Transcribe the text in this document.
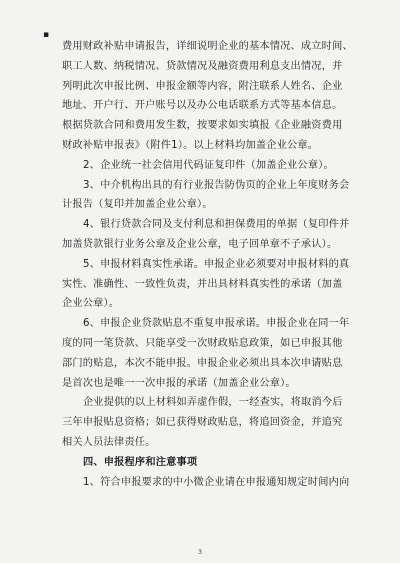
▪
费用财政补贴申请报告，详细说明企业的基本情况、成立时间、
职工人数、纳税情况、贷款情况及融资费用利息支出情况，并
列明此次申报比例、申报金额等内容，附注联系人姓名、企业
地址、开户行、开户账号以及办公电话联系方式等基本信息。
根据贷款合同和费用发生数，按要求如实填报《企业融资费用
财政补贴申报表》（附件1）。以上材料均加盖企业公章。
2、企业统一社会信用代码证复印件（加盖企业公章）。
3、中介机构出具的有行业报告防伪页的企业上年度财务会
计报告（复印并加盖企业公章）。
4、银行贷款合同及支付利息和担保费用的单据（复印件并
加盖贷款银行业务公章及企业公章，电子回单章不子承认）。
5、申报材料真实性承诺。申报企业必须要对申报材料的真
实性、准确性、一致性负责，并出具材料真实性的承诺（加盖
企业公章）。
6、申报企业贷款贴息不重复申报承诺。申报企业在同一年
度的同一笔贷款、只能享受一次财政贴息政策，如已申报其他
部门的贴息，本次不能申报。申报企业必须出具本次申请贴息
是首次也是唯一一次申报的承诺（加盖企业公章）。
企业提供的以上材料如弄虚作假，一经查实，将取消今后
三年申报贴息资格；如已获得财政贴息，将追回资金，并追究
相关人员法律责任。
四、申报程序和注意事项
1、符合申报要求的中小微企业请在申报通知规定时间内向
3
